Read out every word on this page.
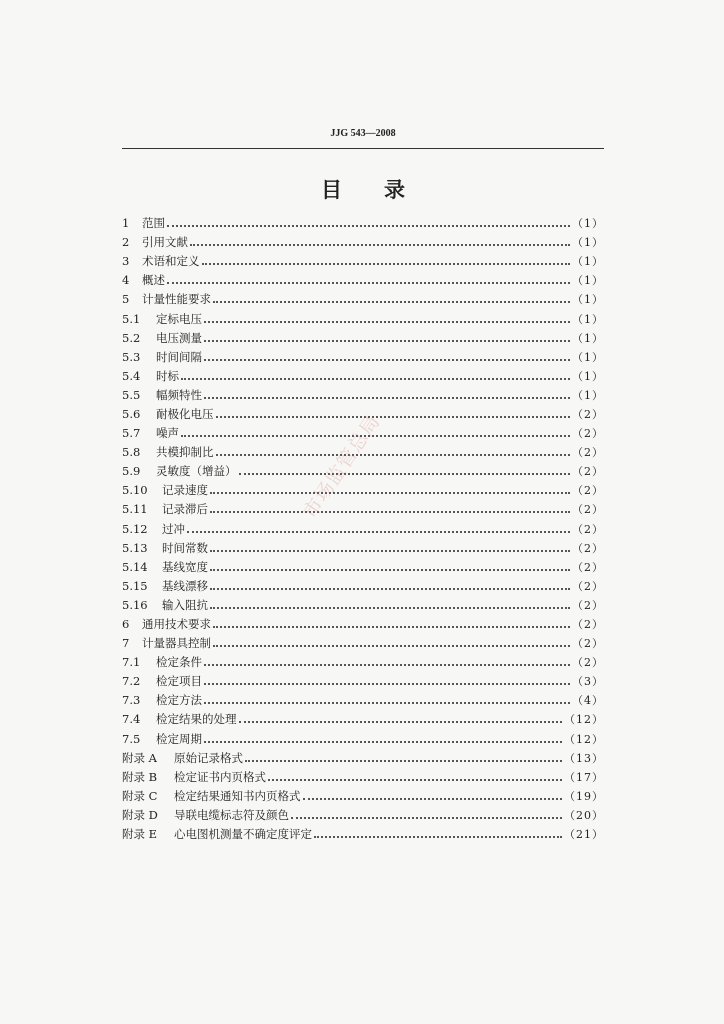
JJG 543—2008
目 录
1	范围	（1）
2	引用文献	（1）
3	术语和定义	（1）
4	概述	（1）
5	计量性能要求	（1）
5.1	定标电压	（1）
5.2	电压测量	（1）
5.3	时间间隔	（1）
5.4	时标	（1）
5.5	幅频特性	（1）
5.6	耐极化电压	（2）
5.7	噪声	（2）
5.8	共模抑制比	（2）
5.9	灵敏度（增益）	（2）
5.10	记录速度	（2）
5.11	记录滞后	（2）
5.12	过冲	（2）
5.13	时间常数	（2）
5.14	基线宽度	（2）
5.15	基线漂移	（2）
5.16	输入阻抗	（2）
6	通用技术要求	（2）
7	计量器具控制	（2）
7.1	检定条件	（2）
7.2	检定项目	（3）
7.3	检定方法	（4）
7.4	检定结果的处理	（12）
7.5	检定周期	（12）
附录 A	原始记录格式	（13）
附录 B	检定证书内页格式	（17）
附录 C	检定结果通知书内页格式	（19）
附录 D	导联电缆标志符及颜色	（20）
附录 E	心电图机测量不确定度评定	（21）
市场监管总局
